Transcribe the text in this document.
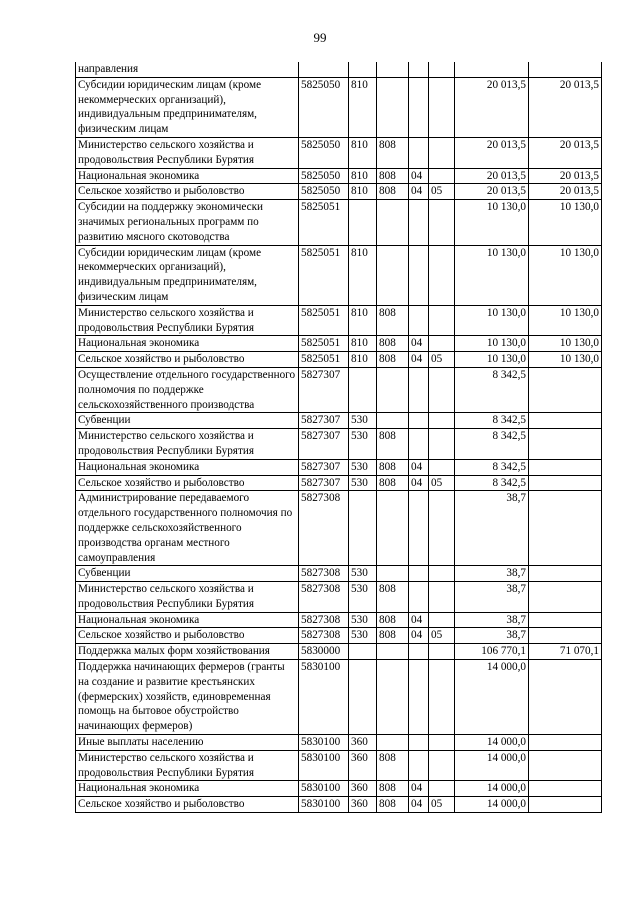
99
направления							
Субсидии юридическим лицам (кроме некоммерческих организаций), индивидуальным предпринимателям, физическим лицам	5825050	810				20 013,5	20 013,5
Министерство сельского хозяйства и продовольствия Республики Бурятия	5825050	810	808			20 013,5	20 013,5
Национальная экономика	5825050	810	808	04		20 013,5	20 013,5
Сельское хозяйство и рыболовство	5825050	810	808	04	05	20 013,5	20 013,5
Субсидии на поддержку экономически значимых региональных программ по развитию мясного скотоводства	5825051					10 130,0	10 130,0
Субсидии юридическим лицам (кроме некоммерческих организаций), индивидуальным предпринимателям, физическим лицам	5825051	810				10 130,0	10 130,0
Министерство сельского хозяйства и продовольствия Республики Бурятия	5825051	810	808			10 130,0	10 130,0
Национальная экономика	5825051	810	808	04		10 130,0	10 130,0
Сельское хозяйство и рыболовство	5825051	810	808	04	05	10 130,0	10 130,0
Осуществление отдельного государственного полномочия по поддержке сельскохозяйственного производства	5827307					8 342,5	
Субвенции	5827307	530				8 342,5	
Министерство сельского хозяйства и продовольствия Республики Бурятия	5827307	530	808			8 342,5	
Национальная экономика	5827307	530	808	04		8 342,5	
Сельское хозяйство и рыболовство	5827307	530	808	04	05	8 342,5	
Администрирование передаваемого отдельного государственного полномочия по поддержке сельскохозяйственного производства органам местного самоуправления	5827308					38,7	
Субвенции	5827308	530				38,7	
Министерство сельского хозяйства и продовольствия Республики Бурятия	5827308	530	808			38,7	
Национальная экономика	5827308	530	808	04		38,7	
Сельское хозяйство и рыболовство	5827308	530	808	04	05	38,7	
Поддержка малых форм хозяйствования	5830000					106 770,1	71 070,1
Поддержка начинающих фермеров (гранты на создание и развитие крестьянских (фермерских) хозяйств, единовременная помощь на бытовое обустройство начинающих фермеров)	5830100					14 000,0	
Иные выплаты населению	5830100	360				14 000,0	
Министерство сельского хозяйства и продовольствия Республики Бурятия	5830100	360	808			14 000,0	
Национальная экономика	5830100	360	808	04		14 000,0	
Сельское хозяйство и рыболовство	5830100	360	808	04	05	14 000,0	
